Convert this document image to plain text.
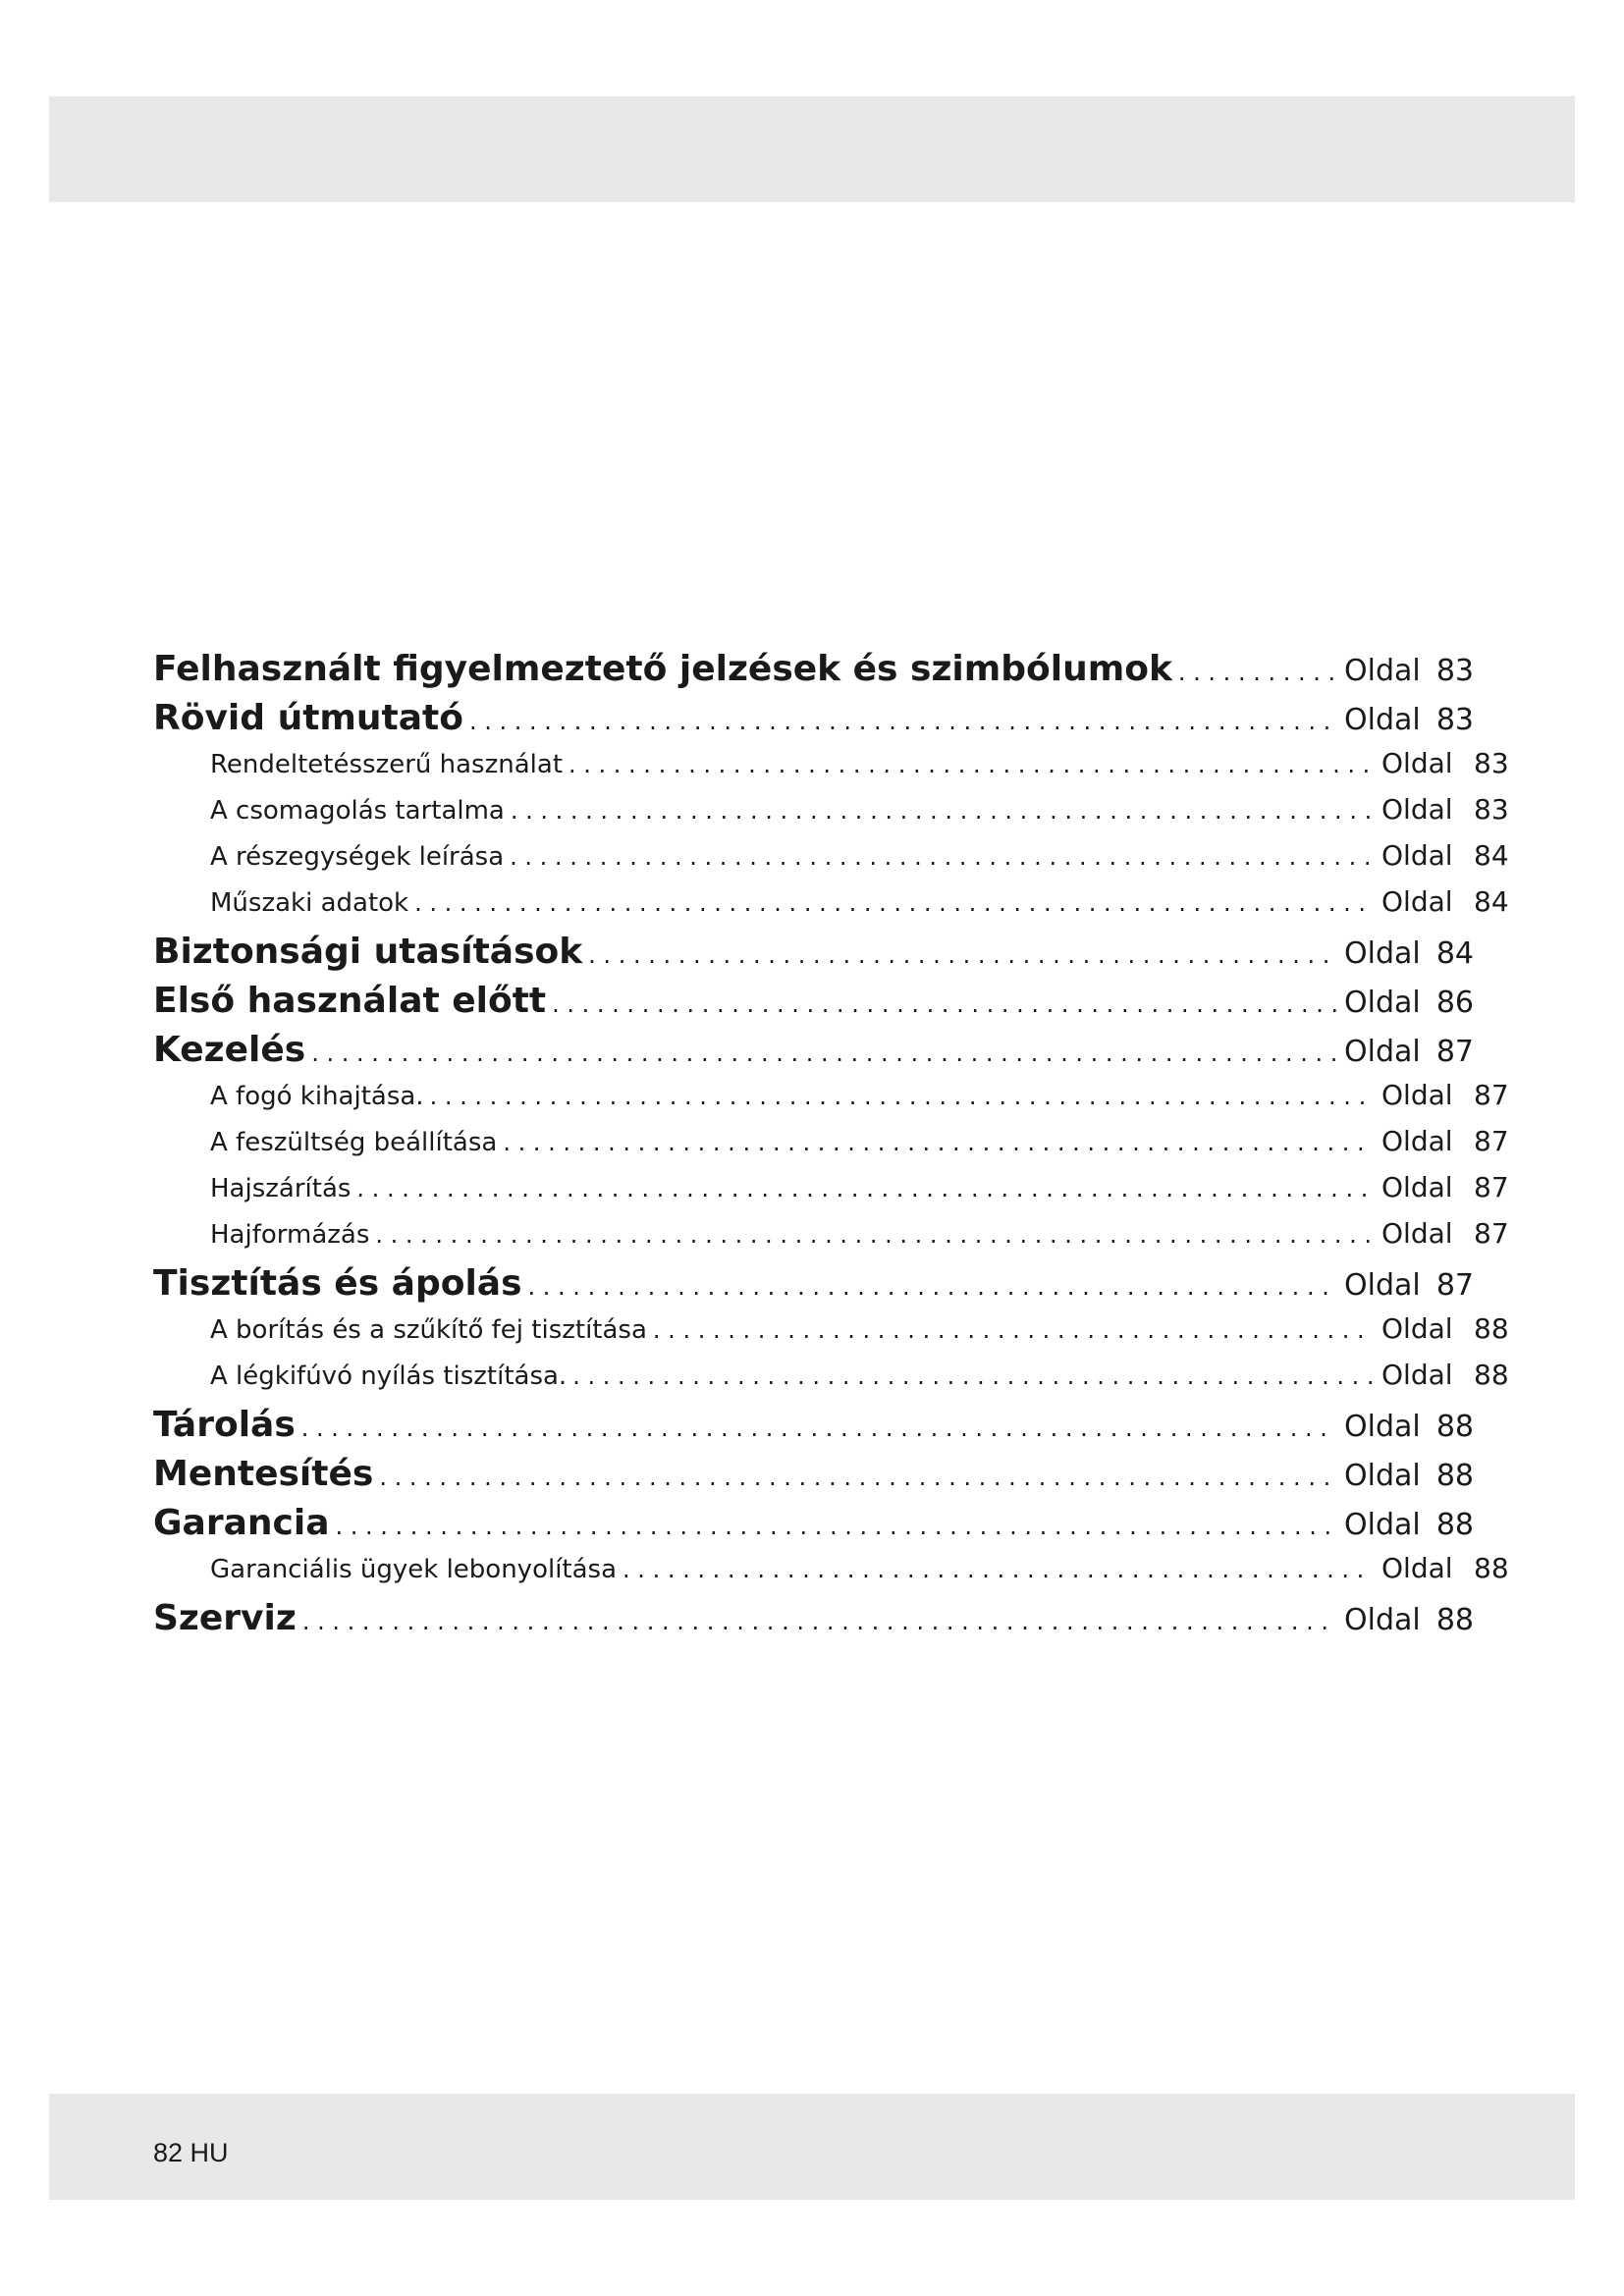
Felhasznált figyelmeztető jelzések és szimbólumok . . .	Oldal 83
Rövid útmutató . . .	Oldal 83
Rendeltetésszerű használat . . .	Oldal 83
A csomagolás tartalma . . .	Oldal 83
A részegységek leírása . . .	Oldal 84
Műszaki adatok . . .	Oldal 84
Biztonsági utasítások . . .	Oldal 84
Első használat előtt . . .	Oldal 86
Kezelés . . .	Oldal 87
A fogó kihajtása. . . .	Oldal 87
A feszültség beállítása . . .	Oldal 87
Hajszárítás . . .	Oldal 87
Hajformázás . . .	Oldal 87
Tisztítás és ápolás . . .	Oldal 87
A borítás és a szűkítő fej tisztítása . . .	Oldal 88
A légkifúvó nyílás tisztítása. . . .	Oldal 88
Tárolás . . .	Oldal 88
Mentesítés . . .	Oldal 88
Garancia . . .	Oldal 88
Garanciális ügyek lebonyolítása . . .	Oldal 88
Szerviz . . .	Oldal 88
82 HU
